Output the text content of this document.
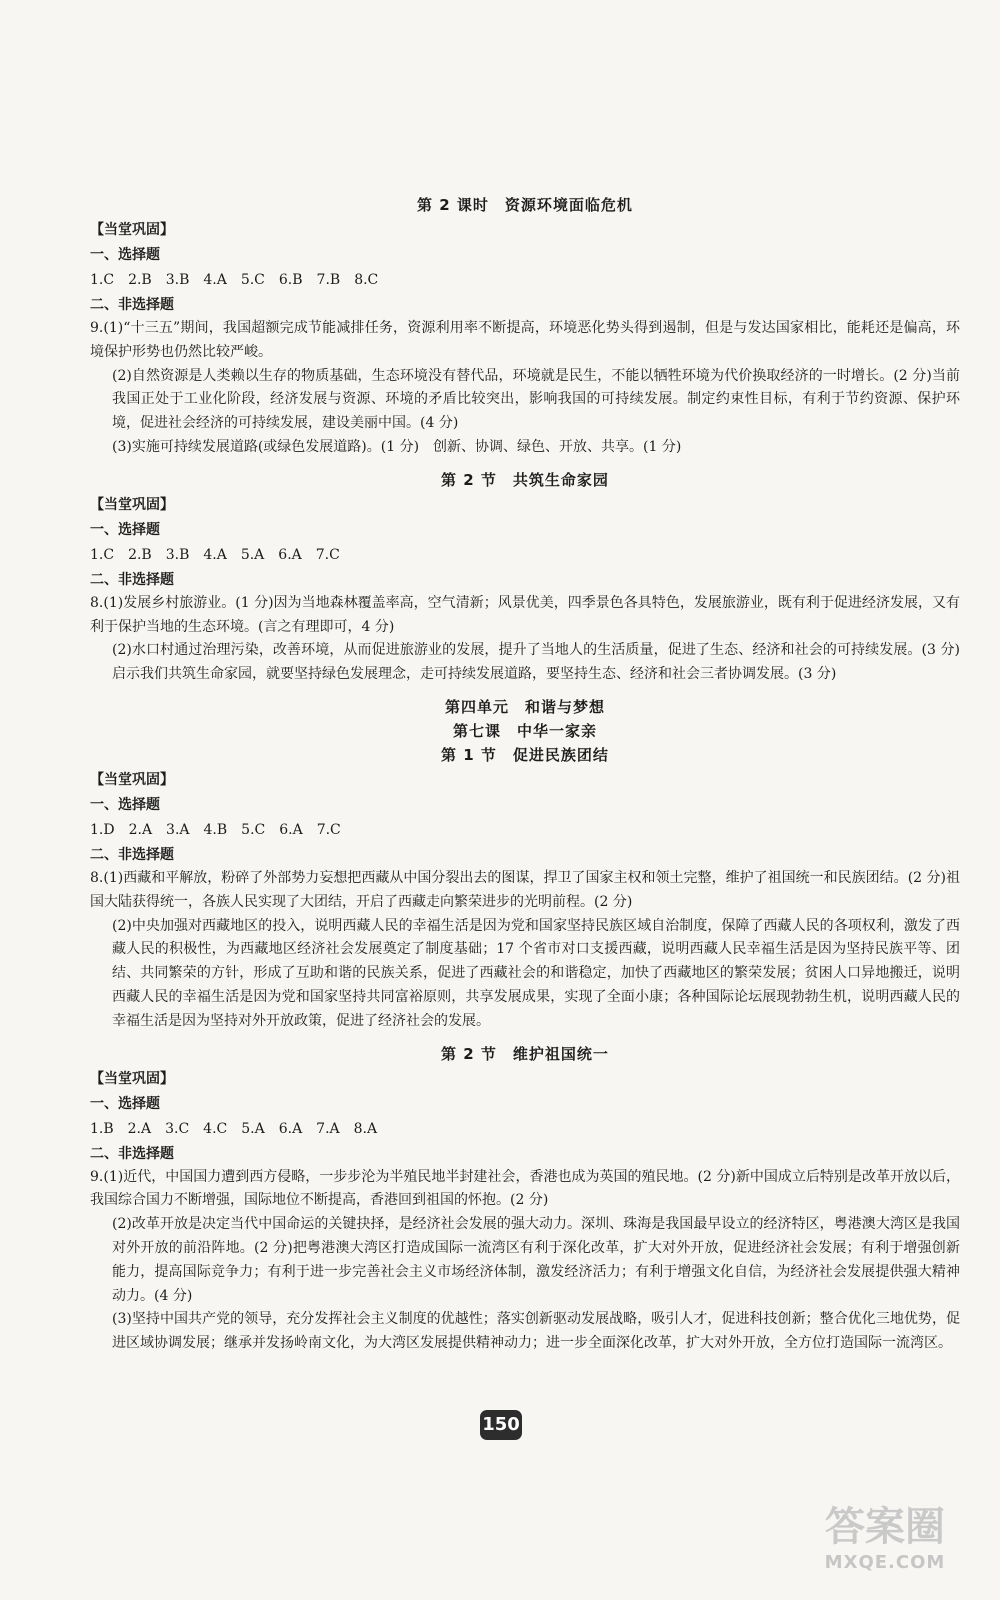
第 2 课时　资源环境面临危机

【当堂巩固】

一、选择题

1.C　2.B　3.B　4.A　5.C　6.B　7.B　8.C

二、非选择题

9.(1)“十三五”期间，我国超额完成节能减排任务，资源利用率不断提高，环境恶化势头得到遏制，但是与发达国家相比，能耗还是偏高，环境保护形势也仍然比较严峻。

(2)自然资源是人类赖以生存的物质基础，生态环境没有替代品，环境就是民生，不能以牺牲环境为代价换取经济的一时增长。(2 分)当前我国正处于工业化阶段，经济发展与资源、环境的矛盾比较突出，影响我国的可持续发展。制定约束性目标，有利于节约资源、保护环境，促进社会经济的可持续发展，建设美丽中国。(4 分)

(3)实施可持续发展道路(或绿色发展道路)。(1 分)　创新、协调、绿色、开放、共享。(1 分)

第 2 节　共筑生命家园

【当堂巩固】

一、选择题

1.C　2.B　3.B　4.A　5.A　6.A　7.C

二、非选择题

8.(1)发展乡村旅游业。(1 分)因为当地森林覆盖率高，空气清新；风景优美，四季景色各具特色，发展旅游业，既有利于促进经济发展，又有利于保护当地的生态环境。(言之有理即可，4 分)

(2)水口村通过治理污染，改善环境，从而促进旅游业的发展，提升了当地人的生活质量，促进了生态、经济和社会的可持续发展。(3 分)启示我们共筑生命家园，就要坚持绿色发展理念，走可持续发展道路，要坚持生态、经济和社会三者协调发展。(3 分)

第四单元　和谐与梦想

第七课　中华一家亲

第 1 节　促进民族团结

【当堂巩固】

一、选择题

1.D　2.A　3.A　4.B　5.C　6.A　7.C

二、非选择题

8.(1)西藏和平解放，粉碎了外部势力妄想把西藏从中国分裂出去的图谋，捍卫了国家主权和领土完整，维护了祖国统一和民族团结。(2 分)祖国大陆获得统一，各族人民实现了大团结，开启了西藏走向繁荣进步的光明前程。(2 分)

(2)中央加强对西藏地区的投入，说明西藏人民的幸福生活是因为党和国家坚持民族区域自治制度，保障了西藏人民的各项权利，激发了西藏人民的积极性，为西藏地区经济社会发展奠定了制度基础；17 个省市对口支援西藏，说明西藏人民幸福生活是因为坚持民族平等、团结、共同繁荣的方针，形成了互助和谐的民族关系，促进了西藏社会的和谐稳定，加快了西藏地区的繁荣发展；贫困人口异地搬迁，说明西藏人民的幸福生活是因为党和国家坚持共同富裕原则，共享发展成果，实现了全面小康；各种国际论坛展现勃勃生机，说明西藏人民的幸福生活是因为坚持对外开放政策，促进了经济社会的发展。

第 2 节　维护祖国统一

【当堂巩固】

一、选择题

1.B　2.A　3.C　4.C　5.A　6.A　7.A　8.A

二、非选择题

9.(1)近代，中国国力遭到西方侵略，一步步沦为半殖民地半封建社会，香港也成为英国的殖民地。(2 分)新中国成立后特别是改革开放以后，我国综合国力不断增强，国际地位不断提高，香港回到祖国的怀抱。(2 分)

(2)改革开放是决定当代中国命运的关键抉择，是经济社会发展的强大动力。深圳、珠海是我国最早设立的经济特区，粤港澳大湾区是我国对外开放的前沿阵地。(2 分)把粤港澳大湾区打造成国际一流湾区有利于深化改革，扩大对外开放，促进经济社会发展；有利于增强创新能力，提高国际竞争力；有利于进一步完善社会主义市场经济体制，激发经济活力；有利于增强文化自信，为经济社会发展提供强大精神动力。(4 分)

(3)坚持中国共产党的领导，充分发挥社会主义制度的优越性；落实创新驱动发展战略，吸引人才，促进科技创新；整合优化三地优势，促进区域协调发展；继承并发扬岭南文化，为大湾区发展提供精神动力；进一步全面深化改革，扩大对外开放，全方位打造国际一流湾区。

150
答案圈
MXQE.COM
